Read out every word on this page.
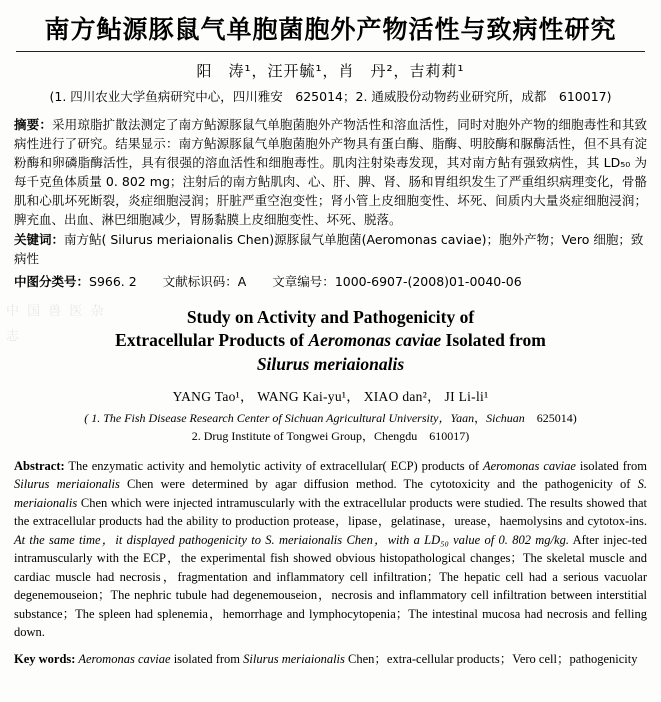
中 国 兽 医 杂 志
南方鲇源豚鼠气单胞菌胞外产物活性与致病性研究
阳　涛¹，汪开毓¹，肖　丹²，吉莉莉¹
(1. 四川农业大学鱼病研究中心，四川雅安　625014；2. 通威股份动物药业研究所，成都　610017)
摘要：采用琼脂扩散法测定了南方鲇源豚鼠气单胞菌胞外产物活性和溶血活性，同时对胞外产物的细胞毒性和其致病性进行了研究。结果显示：南方鲇源豚鼠气单胞菌胞外产物具有蛋白酶、脂酶、明胶酶和脲酶活性，但不具有淀粉酶和卵磷脂酶活性，具有很强的溶血活性和细胞毒性。肌肉注射染毒发现，其对南方鲇有强致病性，其 LD₅₀ 为每千克鱼体质量 0. 802 mg；注射后的南方鲇肌肉、心、肝、脾、肾、肠和胃组织发生了严重组织病理变化，骨骼肌和心肌坏死断裂，炎症细胞浸润；肝脏严重空泡变性；肾小管上皮细胞变性、坏死、间质内大量炎症细胞浸润；脾充血、出血、淋巴细胞减少，胃肠黏膜上皮细胞变性、坏死、脱落。
关键词：南方鲇( Silurus meriaionalis Chen)源豚鼠气单胞菌(Aeromonas caviae)；胞外产物；Vero 细胞；致病性
中图分类号：S966. 2 文献标识码：A 文章编号：1000-6907-(2008)01-0040-06
Study on Activity and Pathogenicity of
Extracellular Products of Aeromonas caviae Isolated from
Silurus meriaionalis
YANG Tao¹， WANG Kai-yu¹， XIAO dan²， JI Li-li¹
( 1. The Fish Disease Research Center of Sichuan Agricultural University，Yaan，Sichuan　625014)
2. Drug Institute of Tongwei Group，Chengdu　610017)
Abstract: The enzymatic activity and hemolytic activity of extracellular( ECP) products of Aeromonas caviae isolated from Silurus meriaionalis Chen were determined by agar diffusion method. The cytotoxicity and the pathogenicity of S. meriaionalis Chen which were injected intramuscularly with the extracellular products were studied. The results showed that the extracellular products had the ability to production protease，lipase，gelatinase，urease，haemolysins and cytotox-ins. At the same time，it displayed pathogenicity to S. meriaionalis Chen，with a LD₅₀ value of 0. 802 mg/kg. After injec-ted intramuscularly with the ECP，the experimental fish showed obvious histopathological changes；The skeletal muscle and cardiac muscle had necrosis，fragmentation and inflammatory cell infiltration；The hepatic cell had a serious vacuolar degenemouseion；The nephric tubule had degenemouseion，necrosis and inflammatory cell infiltration between interstitial substance；The spleen had splenemia，hemorrhage and lymphocytopenia；The intestinal mucosa had necrosis and felling down.
Key words: Aeromonas caviae isolated from Silurus meriaionalis Chen；extra-cellular products；Vero cell；pathogenicity
